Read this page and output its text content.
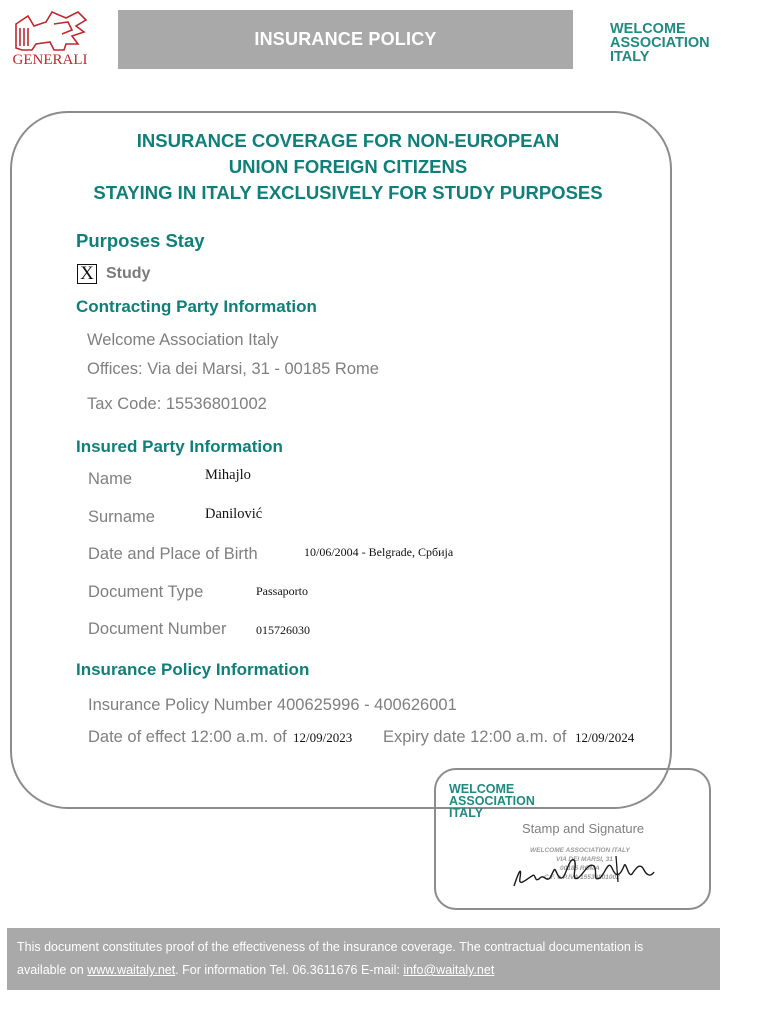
GENERALI
INSURANCE POLICY	WELCOME
ASSOCIATION
ITALY
INSURANCE COVERAGE FOR NON-EUROPEAN
UNION FOREIGN CITIZENS
STAYING IN ITALY EXCLUSIVELY FOR STUDY PURPOSES
Purposes Stay
X Study
Contracting Party Information
Welcome Association Italy
Offices: Via dei Marsi, 31 - 00185 Rome
Tax Code: 15536801002
Insured Party Information
Name	Mihajlo
Surname	Danilović
Date and Place of Birth	10/06/2004 - Belgrade, Србија
Document Type	Passaporto
Document Number 015726030
Insurance Policy Information
Insurance Policy Number 400625996 - 400626001
Date of effect 12:00 a.m. of 12/09/2023 Expiry date 12:00 a.m. of 12/09/2024
WELCOME
ASSOCIATION
ITALY
Stamp and Signature
WELCOME ASSOCIATION ITALY
VIA DEI MARSI, 31
00185 ROMA
C.F. e P.IVA 15536801002
This document constitutes proof of the effectiveness of the insurance coverage. The contractual documentation is
available on www.waitaly.net. For information Tel. 06.3611676 E-mail: info@waitaly.net
